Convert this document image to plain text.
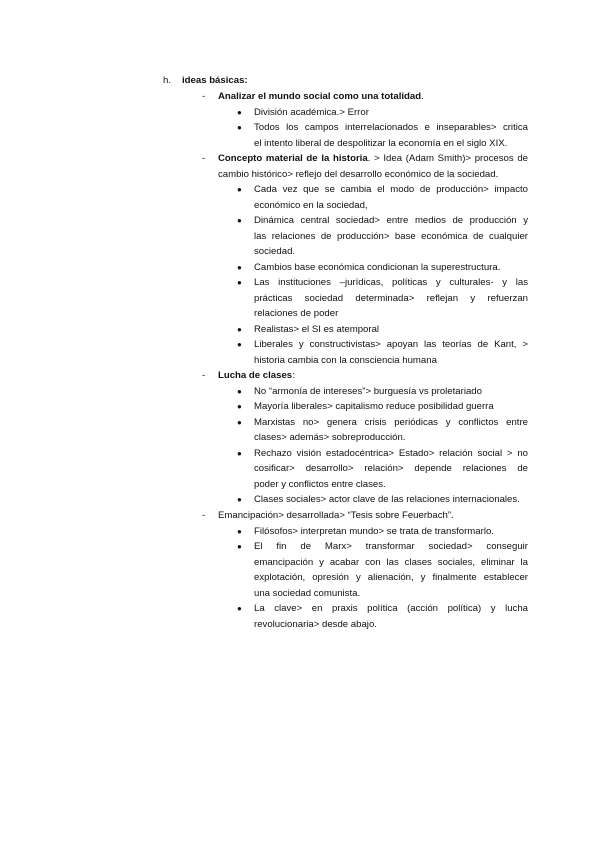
h. ideas básicas:
- Analizar el mundo social como una totalidad.
● División académica.> Error
● Todos los campos interrelacionados e inseparables> critica
el intento liberal de despolitizar la economía en el siglo XIX.
- Concepto material de la historia. > Idea (Adam Smith)> procesos de
cambio histórico> reflejo del desarrollo económico de la sociedad.
● Cada vez que se cambia el modo de producción> impacto
económico en la sociedad,
● Dinámica central sociedad> entre medios de producción y
las relaciones de producción> base económica de cualquier
sociedad.
● Cambios base económica condicionan la superestructura.
● Las instituciones –jurídicas, políticas y culturales- y las
prácticas sociedad determinada> reflejan y refuerzan
relaciones de poder
● Realistas> el SI es atemporal
● Liberales y constructivistas> apoyan las teorías de Kant, >
historia cambia con la consciencia humana
- Lucha de clases:
● No “armonía de intereses”> burguesía vs proletariado
● Mayoría liberales> capitalismo reduce posibilidad guerra
● Marxistas no> genera crisis periódicas y conflictos entre
clases> además> sobreproducción.
● Rechazo visión estadocéntrica> Estado> relación social > no
cosificar> desarrollo> relación> depende relaciones de
poder y conflictos entre clases.
● Clases sociales> actor clave de las relaciones internacionales.
- Emancipación> desarrollada> “Tesis sobre Feuerbach”.
● Filósofos> interpretan mundo> se trata de transformarlo.
● El fin de Marx> transformar sociedad> conseguir
emancipación y acabar con las clases sociales, eliminar la
explotación, opresión y alienación, y finalmente establecer
una sociedad comunista.
● La clave> en praxis política (acción política) y lucha
revolucionaria> desde abajo.
